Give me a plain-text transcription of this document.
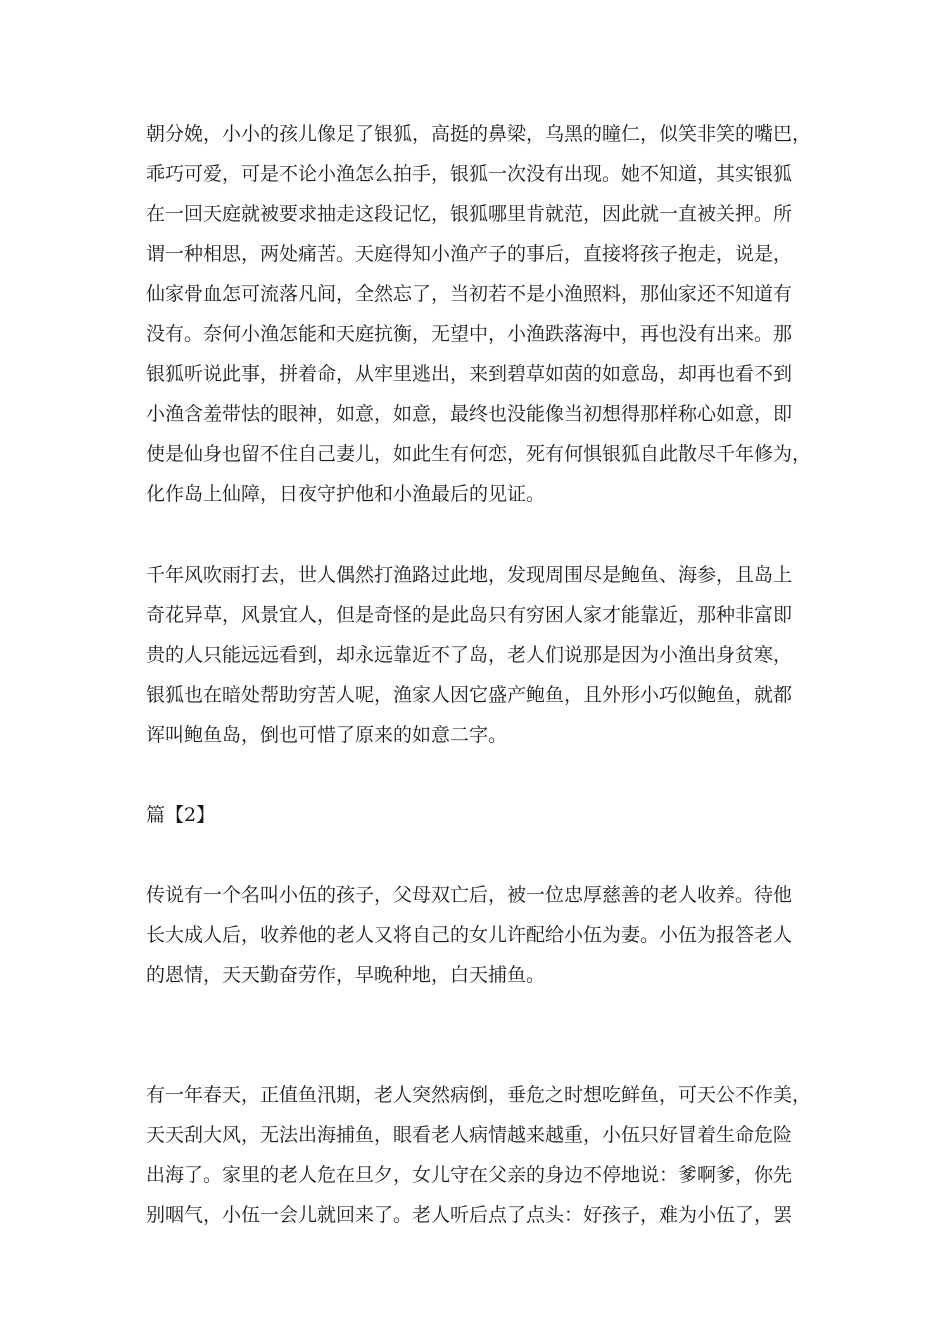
朝分娩，小小的孩儿像足了银狐，高挺的鼻梁，乌黑的瞳仁，似笑非笑的嘴巴，
乖巧可爱，可是不论小渔怎么拍手，银狐一次没有出现。她不知道，其实银狐
在一回天庭就被要求抽走这段记忆，银狐哪里肯就范，因此就一直被关押。所
谓一种相思，两处痛苦。天庭得知小渔产子的事后，直接将孩子抱走，说是，
仙家骨血怎可流落凡间，全然忘了，当初若不是小渔照料，那仙家还不知道有
没有。奈何小渔怎能和天庭抗衡，无望中，小渔跌落海中，再也没有出来。那
银狐听说此事，拼着命，从牢里逃出，来到碧草如茵的如意岛，却再也看不到
小渔含羞带怯的眼神，如意，如意，最终也没能像当初想得那样称心如意，即
使是仙身也留不住自己妻儿，如此生有何恋，死有何惧银狐自此散尽千年修为，
化作岛上仙障，日夜守护他和小渔最后的见证。
千年风吹雨打去，世人偶然打渔路过此地，发现周围尽是鲍鱼、海参，且岛上
奇花异草，风景宜人，但是奇怪的是此岛只有穷困人家才能靠近，那种非富即
贵的人只能远远看到，却永远靠近不了岛，老人们说那是因为小渔出身贫寒，
银狐也在暗处帮助穷苦人呢，渔家人因它盛产鲍鱼，且外形小巧似鲍鱼，就都
诨叫鲍鱼岛，倒也可惜了原来的如意二字。
篇【2】
传说有一个名叫小伍的孩子，父母双亡后，被一位忠厚慈善的老人收养。待他
长大成人后，收养他的老人又将自己的女儿许配给小伍为妻。小伍为报答老人
的恩情，天天勤奋劳作，早晚种地，白天捕鱼。
有一年春天，正值鱼汛期，老人突然病倒，垂危之时想吃鲜鱼，可天公不作美，
天天刮大风，无法出海捕鱼，眼看老人病情越来越重，小伍只好冒着生命危险
出海了。家里的老人危在旦夕，女儿守在父亲的身边不停地说：爹啊爹，你先
别咽气，小伍一会儿就回来了。老人听后点了点头：好孩子，难为小伍了，罢
